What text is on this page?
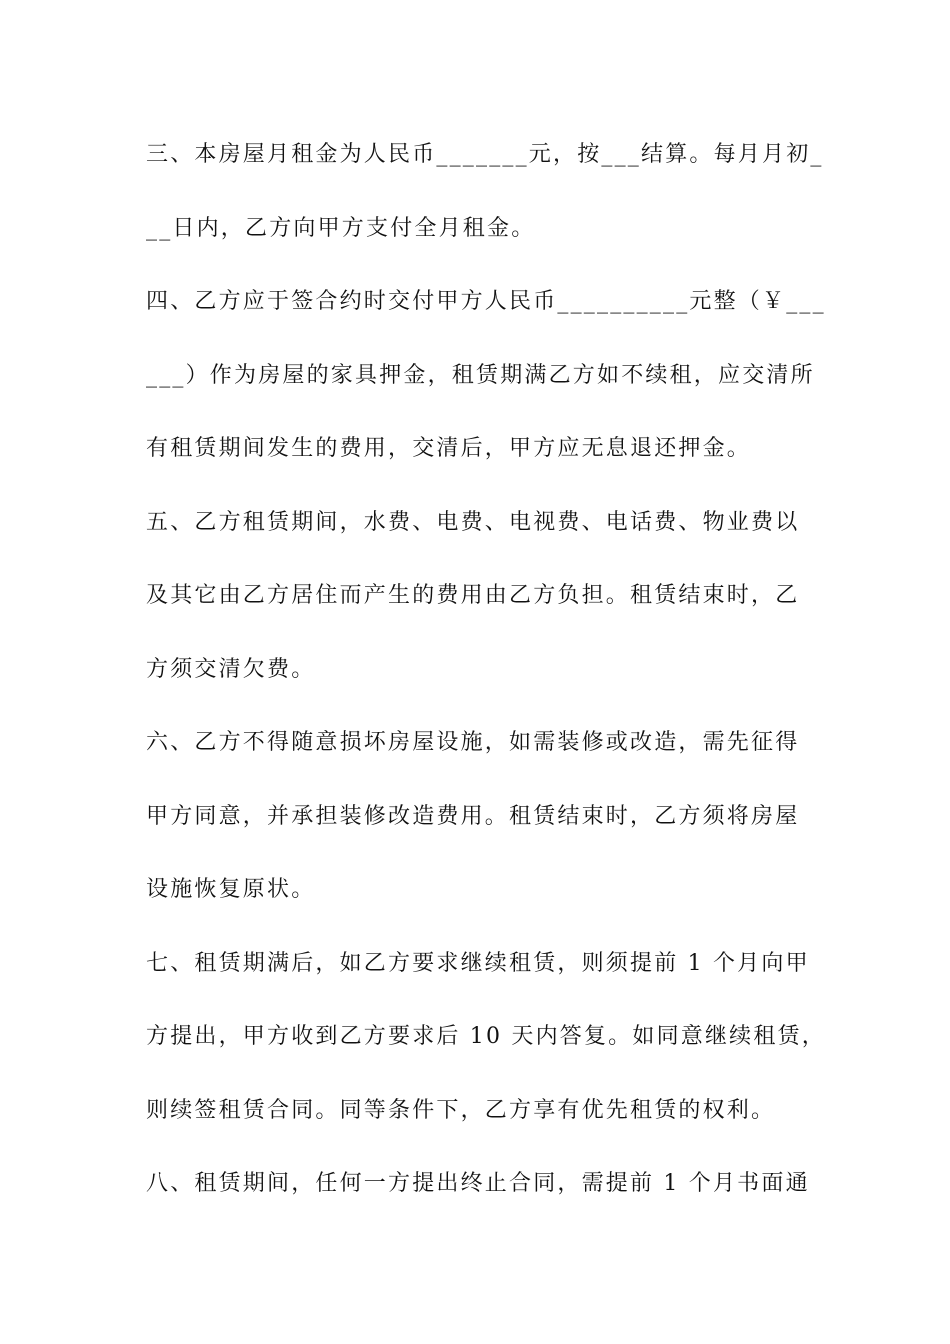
三、本房屋月租金为人民币_______元，按___结算。每月月初_
__日内，乙方向甲方支付全月租金。
四、乙方应于签合约时交付甲方人民币__________元整（￥___
___）作为房屋的家具押金，租赁期满乙方如不续租，应交清所
有租赁期间发生的费用，交清后，甲方应无息退还押金。
五、乙方租赁期间，水费、电费、电视费、电话费、物业费以
及其它由乙方居住而产生的费用由乙方负担。租赁结束时，乙
方须交清欠费。
六、乙方不得随意损坏房屋设施，如需装修或改造，需先征得
甲方同意，并承担装修改造费用。租赁结束时，乙方须将房屋
设施恢复原状。
七、租赁期满后，如乙方要求继续租赁，则须提前 1 个月向甲
方提出，甲方收到乙方要求后 10 天内答复。如同意继续租赁，
则续签租赁合同。同等条件下，乙方享有优先租赁的权利。
八、租赁期间，任何一方提出终止合同，需提前 1 个月书面通
